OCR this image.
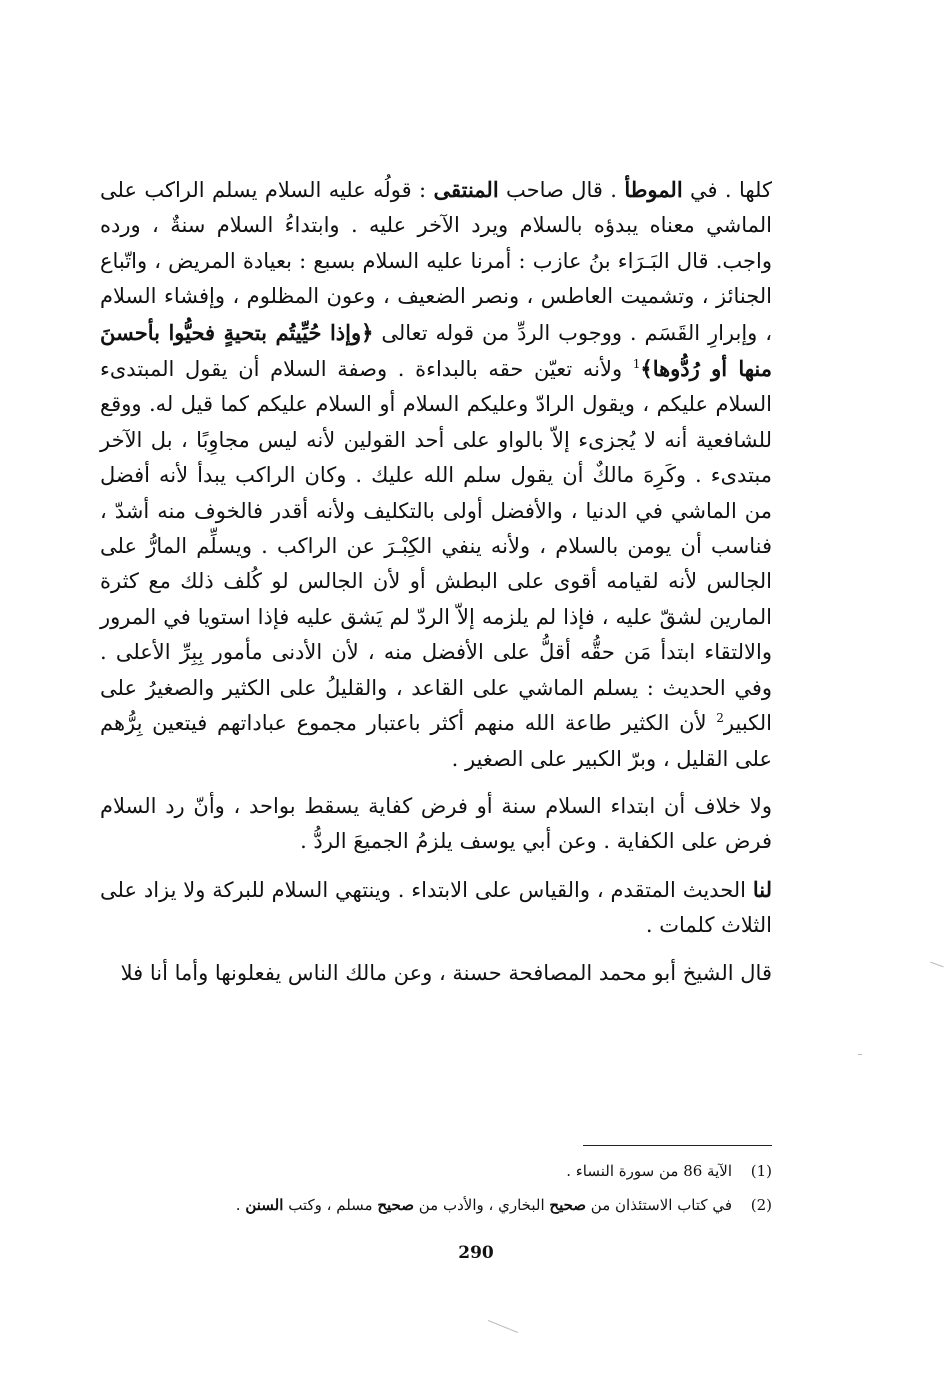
كلها . في الموطأ . قال صاحب المنتقى : قولُه عليه السلام يسلم الراكب على الماشي معناه يبدؤه بالسلام ويرد الآخر عليه . وابتداءُ السلام سنةٌ ، ورده واجب. قال البَـرَاء بنُ عازب : أمرنا عليه السلام بسبع : بعيادة المريض ، واتّباع الجنائز ، وتشميت العاطس ، ونصر الضعيف ، وعون المظلوم ، وإفشاء السلام ، وإبرارِ القَسَم . ووجوب الردِّ من قوله تعالى ﴿وإذا حُيِّيتُم بتحيةٍ فحيُّوا بأحسنَ منها أو رُدُّوها﴾$^1$ ولأنه تعيّن حقه بالبداءة . وصفة السلام أن يقول المبتدىء السلام عليكم ، ويقول الرادّ وعليكم السلام أو السلام عليكم كما قيل له. ووقع للشافعية أنه لا يُجزىء إلاّ بالواو على أحد القولين لأنه ليس مجاوِبًا ، بل الآخر مبتدىء . وكَرِهَ مالكٌ أن يقول سلم الله عليك . وكان الراكب يبدأ لأنه أفضل من الماشي في الدنيا ، والأفضل أولى بالتكليف ولأنه أقدر فالخوف منه أشدّ ، فناسب أن يومن بالسلام ، ولأنه ينفي الكِبْـرَ عن الراكب . ويسلِّم المارُّ على الجالس لأنه لقيامه أقوى على البطش أو لأن الجالس لو كُلف ذلك مع كثرة المارين لشقّ عليه ، فإذا لم يلزمه إلاّ الردّ لم يَشق عليه فإذا استويا في المرور والالتقاء ابتدأ مَن حقُّه أقلُّ على الأفضل منه ، لأن الأدنى مأمور بِبِرِّ الأعلى . وفي الحديث : يسلم الماشي على القاعد ، والقليلُ على الكثير والصغيرُ على الكبير$^2$ لأن الكثير طاعة الله منهم أكثر باعتبار مجموع عباداتهم فيتعين بِرُّهم على القليل ، وبرّ الكبير على الصغير .

ولا خلاف أن ابتداء السلام سنة أو فرض كفاية يسقط بواحد ، وأنّ رد السلام فرض على الكفاية . وعن أبي يوسف يلزمُ الجميعَ الردُّ .

لنا الحديث المتقدم ، والقياس على الابتداء . وينتهي السلام للبركة ولا يزاد على الثلاث كلمات .

قال الشيخ أبو محمد المصافحة حسنة ، وعن مالك الناس يفعلونها وأما أنا فلا

(1)الآية 86 من سورة النساء .
(2)في كتاب الاستئذان من صحيح البخاري ، والأدب من صحيح مسلم ، وكتب السنن .
290
